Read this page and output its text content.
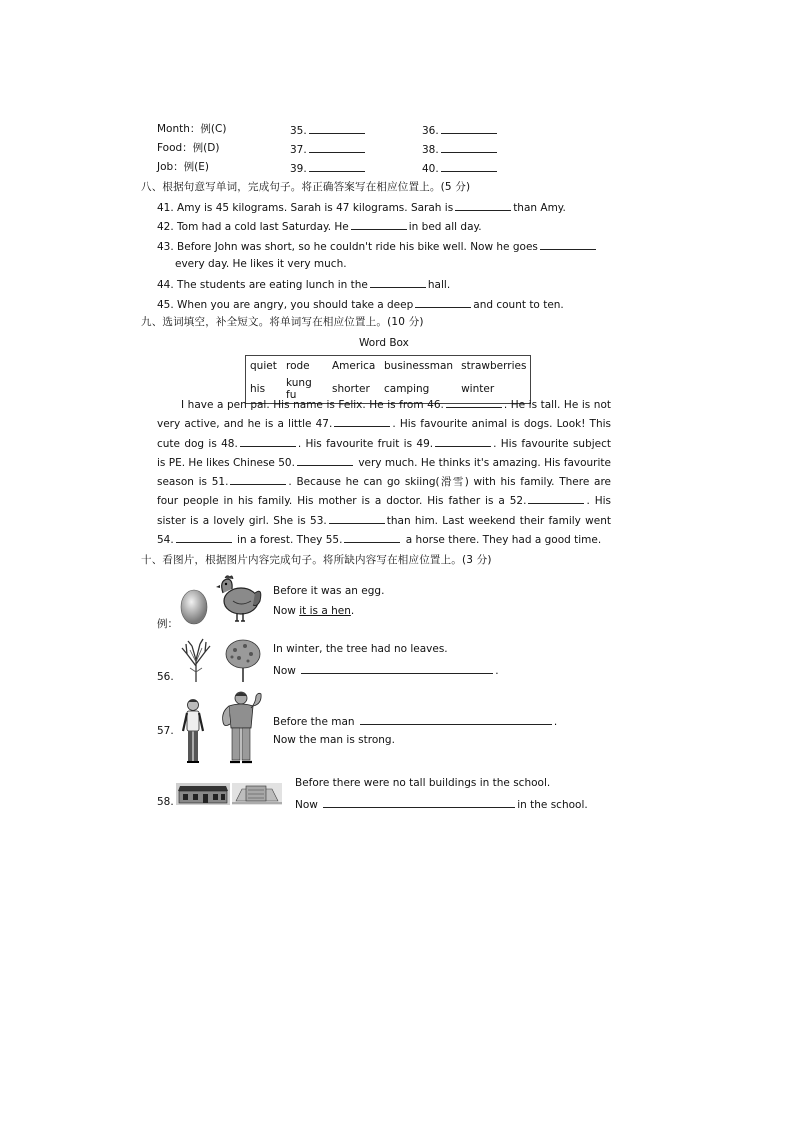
Month：例(C)	35.	36.
Food：例(D)	37.	38.
Job：例(E)	39.	40.
八、根据句意写单词，完成句子。将正确答案写在相应位置上。(5 分)
41. Amy is 45 kilograms. Sarah is 47 kilograms. Sarah is	than Amy.
42. Tom had a cold last Saturday. He	in bed all day.
43. Before John was short, so he couldn't ride his bike well. Now he goes
every day. He likes it very much.
44. The students are eating lunch in the	hall.
45. When you are angry, you should take a deep	and count to ten.
九、选词填空，补全短文。将单词写在相应位置上。(10 分)
Word Box
quiet	rode	America	businessman	strawberries
his	kung fu	shorter	camping	winter

I have a pen pal. His name is Felix. He is from 46.	. He is tall. He is not very active, and he is a little 47.	. His favourite animal is dogs. Look! This cute dog is 48.	. His favourite fruit is 49.	. His favourite subject is PE. He likes Chinese 50.	very much. He thinks it's amazing. His favourite season is 51.	. Because he can go skiing(滑雪) with his family. There are four people in his family. His mother is a doctor. His father is a 52.	. His sister is a lovely girl. She is 53.	than him. Last weekend their family went 54.	in a forest. They 55.	a horse there. They had a good time.

十、看图片，根据图片内容完成句子。将所缺内容写在相应位置上。(3 分)
例：
Before it was an egg.
Now it is a hen.
56.
In winter, the tree had no leaves.
Now	.
57.
Before the man	.
Now the man is strong.
58.
Before there were no tall buildings in the school.
Now	in the school.
